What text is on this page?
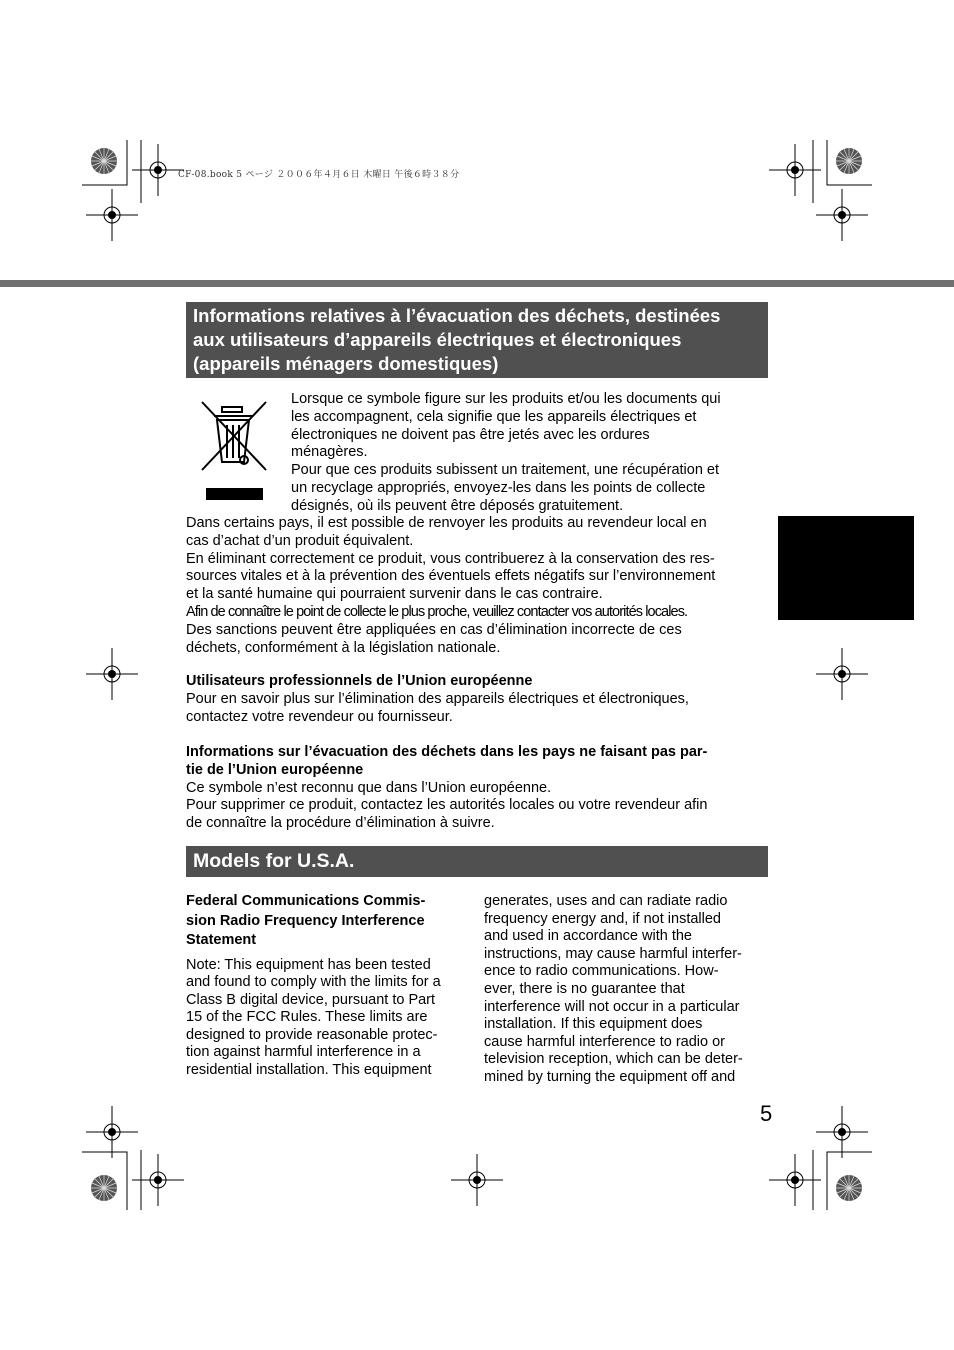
CF-08.book 5 ページ ２００６年４月６日 木曜日 午後６時３８分
Informations relatives à l’évacuation des déchets, destinées
aux utilisateurs d’appareils électriques et électroniques
(appareils ménagers domestiques)
Lorsque ce symbole figure sur les produits et/ou les documents qui
les accompagnent, cela signifie que les appareils électriques et
électroniques ne doivent pas être jetés avec les ordures
ménagères.
Pour que ces produits subissent un traitement, une récupération et
un recyclage appropriés, envoyez-les dans les points de collecte
désignés, où ils peuvent être déposés gratuitement.
Dans certains pays, il est possible de renvoyer les produits au revendeur local en
cas d’achat d’un produit équivalent.
En éliminant correctement ce produit, vous contribuerez à la conservation des res-
sources vitales et à la prévention des éventuels effets négatifs sur l’environnement
et la santé humaine qui pourraient survenir dans le cas contraire.
Afin de connaître le point de collecte le plus proche, veuillez contacter vos autorités locales.
Des sanctions peuvent être appliquées en cas d’élimination incorrecte de ces
déchets, conformément à la législation nationale.
Utilisateurs professionnels de l’Union européenne
Pour en savoir plus sur l’élimination des appareils électriques et électroniques,
contactez votre revendeur ou fournisseur.
Informations sur l’évacuation des déchets dans les pays ne faisant pas par-
tie de l’Union européenne
Ce symbole n’est reconnu que dans l’Union européenne.
Pour supprimer ce produit, contactez les autorités locales ou votre revendeur afin
de connaître la procédure d’élimination à suivre.
Models for U.S.A.
Federal Communications Commis-
sion Radio Frequency Interference
Statement
Note: This equipment has been tested
and found to comply with the limits for a
Class B digital device, pursuant to Part
15 of the FCC Rules. These limits are
designed to provide reasonable protec-
tion against harmful interference in a
residential installation. This equipment
generates, uses and can radiate radio
frequency energy and, if not installed
and used in accordance with the
instructions, may cause harmful interfer-
ence to radio communications. How-
ever, there is no guarantee that
interference will not occur in a particular
installation. If this equipment does
cause harmful interference to radio or
television reception, which can be deter-
mined by turning the equipment off and
5
